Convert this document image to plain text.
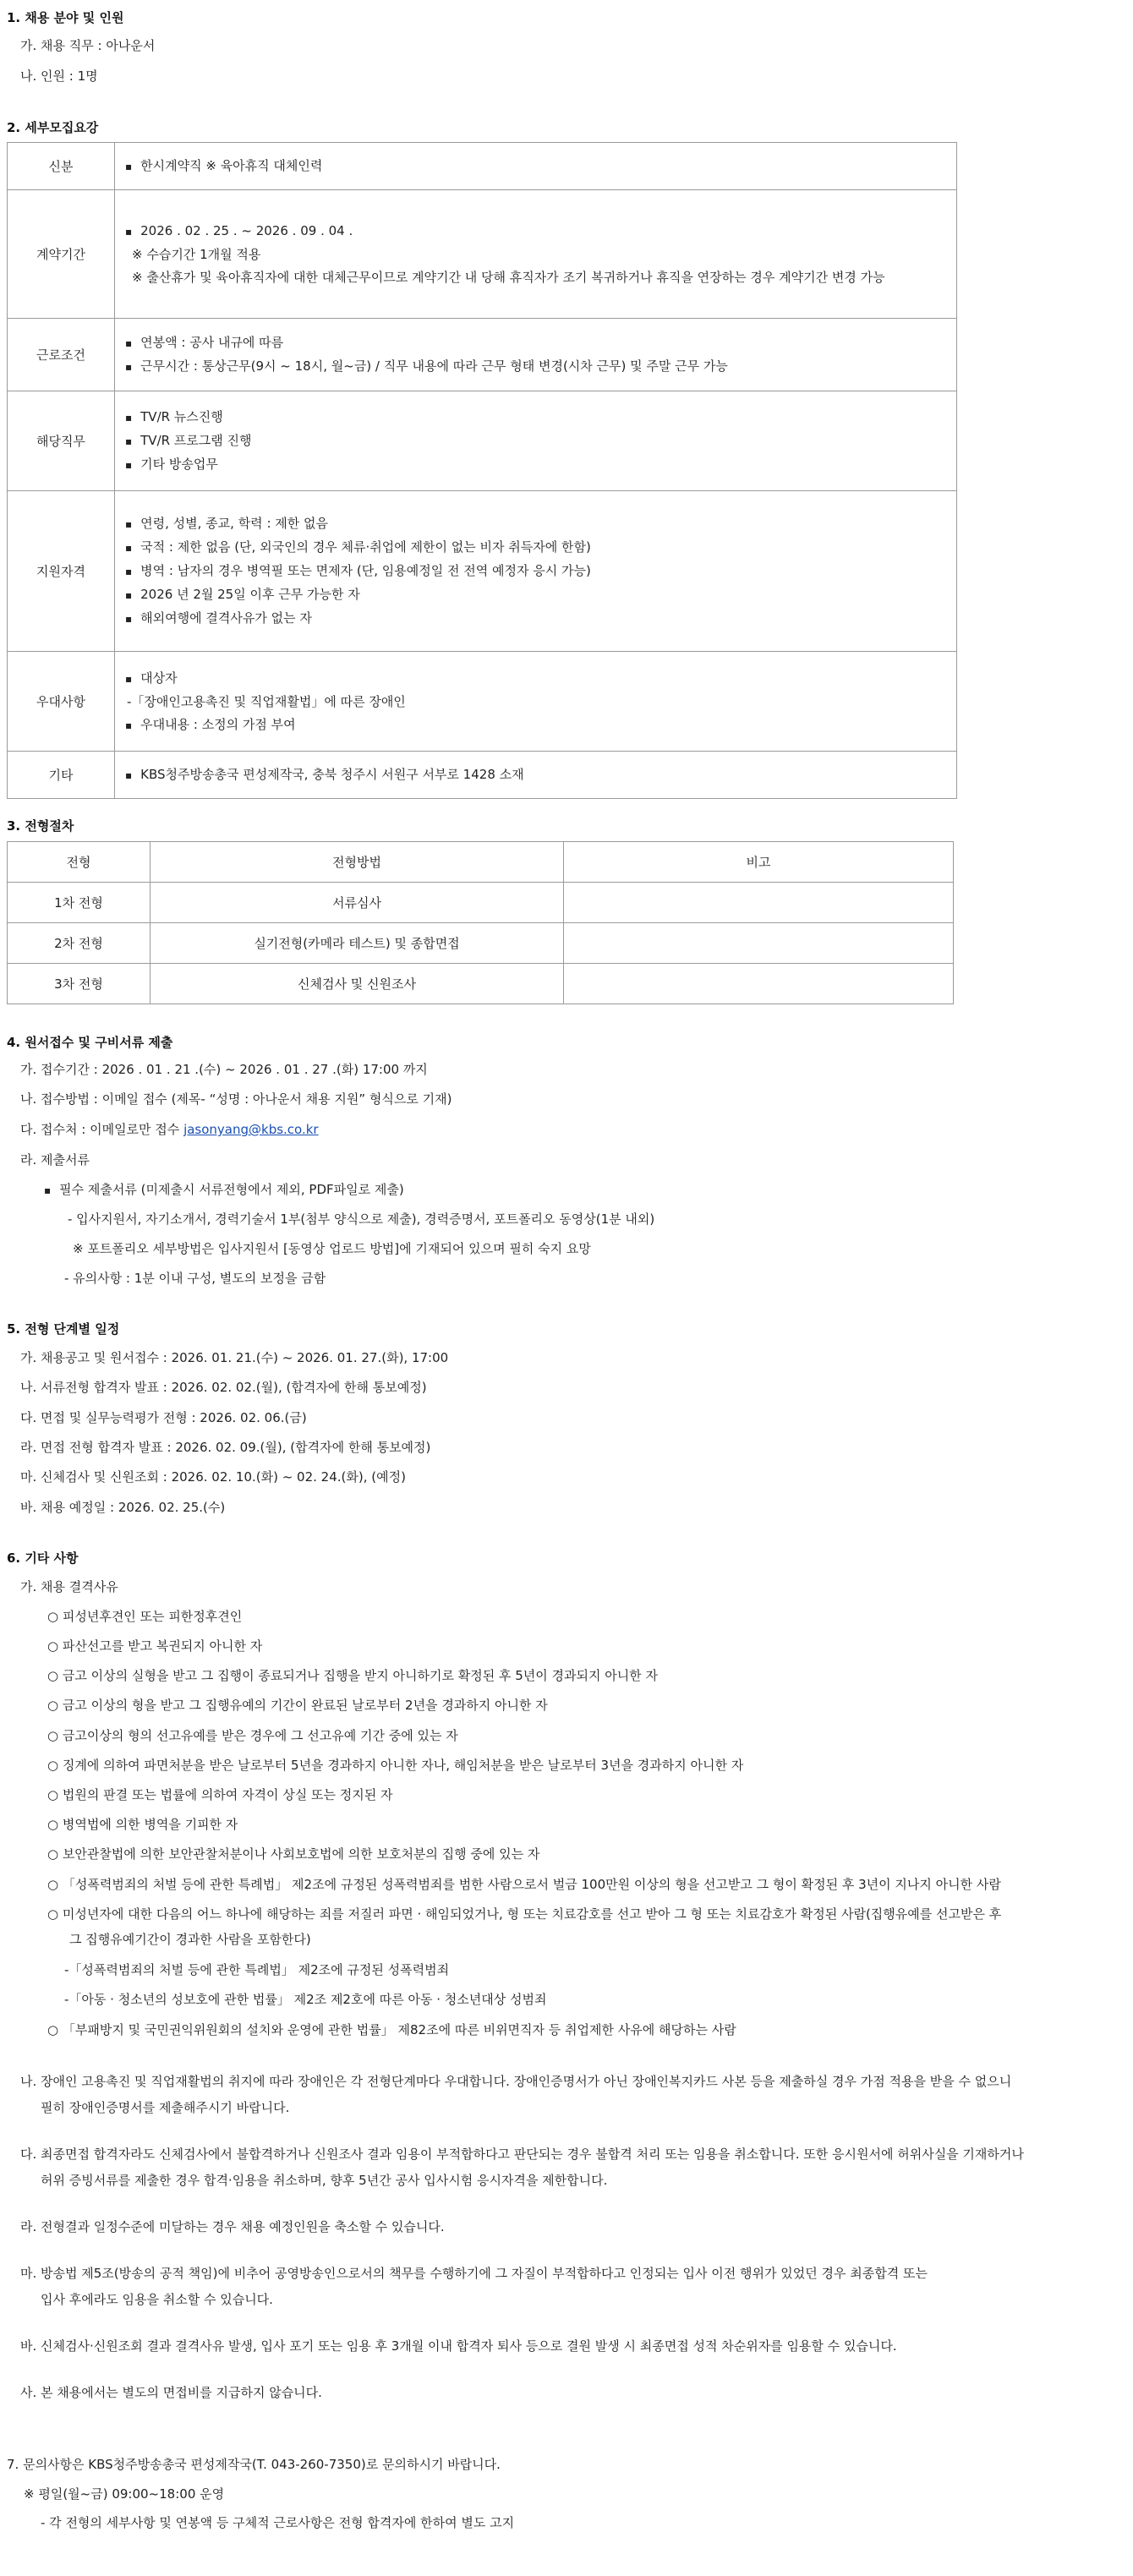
1. 채용 분야 및 인원
가. 채용 직무 : 아나운서
나. 인원 : 1명
2. 세부모집요강
신분	▪ 한시계약직 ※ 육아휴직 대체인력

계약기간	▪ 2026 . 02 . 25 . ~ 2026 . 09 . 04 .
※ 수습기간 1개월 적용
※ 출산휴가 및 육아휴직자에 대한 대체근무이므로 계약기간 내 당해 휴직자가 조기 복귀하거나 휴직을 연장하는 경우 계약기간 변경 가능

근로조건	▪ 연봉액 : 공사 내규에 따름
▪ 근무시간 : 통상근무(9시 ~ 18시, 월~금) / 직무 내용에 따라 근무 형태 변경(시차 근무) 및 주말 근무 가능

해당직무	▪ TV/R 뉴스진행
▪ TV/R 프로그램 진행
▪ 기타 방송업무

지원자격	▪ 연령, 성별, 종교, 학력 : 제한 없음
▪ 국적 : 제한 없음 (단, 외국인의 경우 체류·취업에 제한이 없는 비자 취득자에 한함)
▪ 병역 : 남자의 경우 병역필 또는 면제자 (단, 임용예정일 전 전역 예정자 응시 가능)
▪ 2026 년 2월 25일 이후 근무 가능한 자
▪ 해외여행에 결격사유가 없는 자

우대사항	▪ 대상자
-「장애인고용촉진 및 직업재활법」에 따른 장애인
▪ 우대내용 : 소정의 가점 부여

기타	▪ KBS청주방송총국 편성제작국, 충북 청주시 서원구 서부로 1428 소재
3. 전형절차
전형	전형방법	비고
1차 전형	서류심사	
2차 전형	실기전형(카메라 테스트) 및 종합면접	
3차 전형	신체검사 및 신원조사	
4. 원서접수 및 구비서류 제출
가. 접수기간 : 2026 . 01 . 21 .(수) ~ 2026 . 01 . 27 .(화) 17:00 까지
나. 접수방법 : 이메일 접수 (제목- “성명 : 아나운서 채용 지원” 형식으로 기재)
다. 접수처 : 이메일로만 접수 jasonyang@kbs.co.kr
라. 제출서류
▪ 필수 제출서류 (미제출시 서류전형에서 제외, PDF파일로 제출)
- 입사지원서, 자기소개서, 경력기술서 1부(첨부 양식으로 제출), 경력증명서, 포트폴리오 동영상(1분 내외)
※ 포트폴리오 세부방법은 입사지원서 [동영상 업로드 방법]에 기재되어 있으며 필히 숙지 요망
- 유의사항 : 1분 이내 구성, 별도의 보정을 금함
5. 전형 단계별 일정
가. 채용공고 및 원서접수 : 2026. 01. 21.(수) ~ 2026. 01. 27.(화), 17:00
나. 서류전형 합격자 발표 : 2026. 02. 02.(월), (합격자에 한해 통보예정)
다. 면접 및 실무능력평가 전형 : 2026. 02. 06.(금)
라. 면접 전형 합격자 발표 : 2026. 02. 09.(월), (합격자에 한해 통보예정)
마. 신체검사 및 신원조회 : 2026. 02. 10.(화) ~ 02. 24.(화), (예정)
바. 채용 예정일 : 2026. 02. 25.(수)
6. 기타 사항
가. 채용 결격사유
○ 피성년후견인 또는 피한정후견인
○ 파산선고를 받고 복권되지 아니한 자
○ 금고 이상의 실형을 받고 그 집행이 종료되거나 집행을 받지 아니하기로 확정된 후 5년이 경과되지 아니한 자
○ 금고 이상의 형을 받고 그 집행유예의 기간이 완료된 날로부터 2년을 경과하지 아니한 자
○ 금고이상의 형의 선고유예를 받은 경우에 그 선고유예 기간 중에 있는 자
○ 징계에 의하여 파면처분을 받은 날로부터 5년을 경과하지 아니한 자나, 해임처분을 받은 날로부터 3년을 경과하지 아니한 자
○ 법원의 판결 또는 법률에 의하여 자격이 상실 또는 정지된 자
○ 병역법에 의한 병역을 기피한 자
○ 보안관찰법에 의한 보안관찰처분이나 사회보호법에 의한 보호처분의 집행 중에 있는 자
○ 「성폭력범죄의 처벌 등에 관한 특례법」 제2조에 규정된 성폭력범죄를 범한 사람으로서 벌금 100만원 이상의 형을 선고받고 그 형이 확정된 후 3년이 지나지 아니한 사람
○ 미성년자에 대한 다음의 어느 하나에 해당하는 죄를 저질러 파면 · 해임되었거나, 형 또는 치료감호를 선고 받아 그 형 또는 치료감호가 확정된 사람(집행유예를 선고받은 후
그 집행유예기간이 경과한 사람을 포함한다)
-「성폭력범죄의 처벌 등에 관한 특례법」 제2조에 규정된 성폭력범죄
-「아동 · 청소년의 성보호에 관한 법률」 제2조 제2호에 따른 아동 · 청소년대상 성범죄
○ 「부패방지 및 국민권익위원회의 설치와 운영에 관한 법률」 제82조에 따른 비위면직자 등 취업제한 사유에 해당하는 사람
나. 장애인 고용촉진 및 직업재활법의 취지에 따라 장애인은 각 전형단계마다 우대합니다. 장애인증명서가 아닌 장애인복지카드 사본 등을 제출하실 경우 가점 적용을 받을 수 없으니
필히 장애인증명서를 제출해주시기 바랍니다.
다. 최종면접 합격자라도 신체검사에서 불합격하거나 신원조사 결과 임용이 부적합하다고 판단되는 경우 불합격 처리 또는 임용을 취소합니다. 또한 응시원서에 허위사실을 기재하거나
허위 증빙서류를 제출한 경우 합격·임용을 취소하며, 향후 5년간 공사 입사시험 응시자격을 제한합니다.
라. 전형결과 일정수준에 미달하는 경우 채용 예정인원을 축소할 수 있습니다.
마. 방송법 제5조(방송의 공적 책임)에 비추어 공영방송인으로서의 책무를 수행하기에 그 자질이 부적합하다고 인정되는 입사 이전 행위가 있었던 경우 최종합격 또는
입사 후에라도 임용을 취소할 수 있습니다.
바. 신체검사·신원조회 결과 결격사유 발생, 입사 포기 또는 임용 후 3개월 이내 합격자 퇴사 등으로 결원 발생 시 최종면접 성적 차순위자를 임용할 수 있습니다.
사. 본 채용에서는 별도의 면접비를 지급하지 않습니다.
7. 문의사항은 KBS청주방송총국 편성제작국(T. 043-260-7350)로 문의하시기 바랍니다.
※ 평일(월~금) 09:00~18:00 운영
- 각 전형의 세부사항 및 연봉액 등 구체적 근로사항은 전형 합격자에 한하여 별도 고지
